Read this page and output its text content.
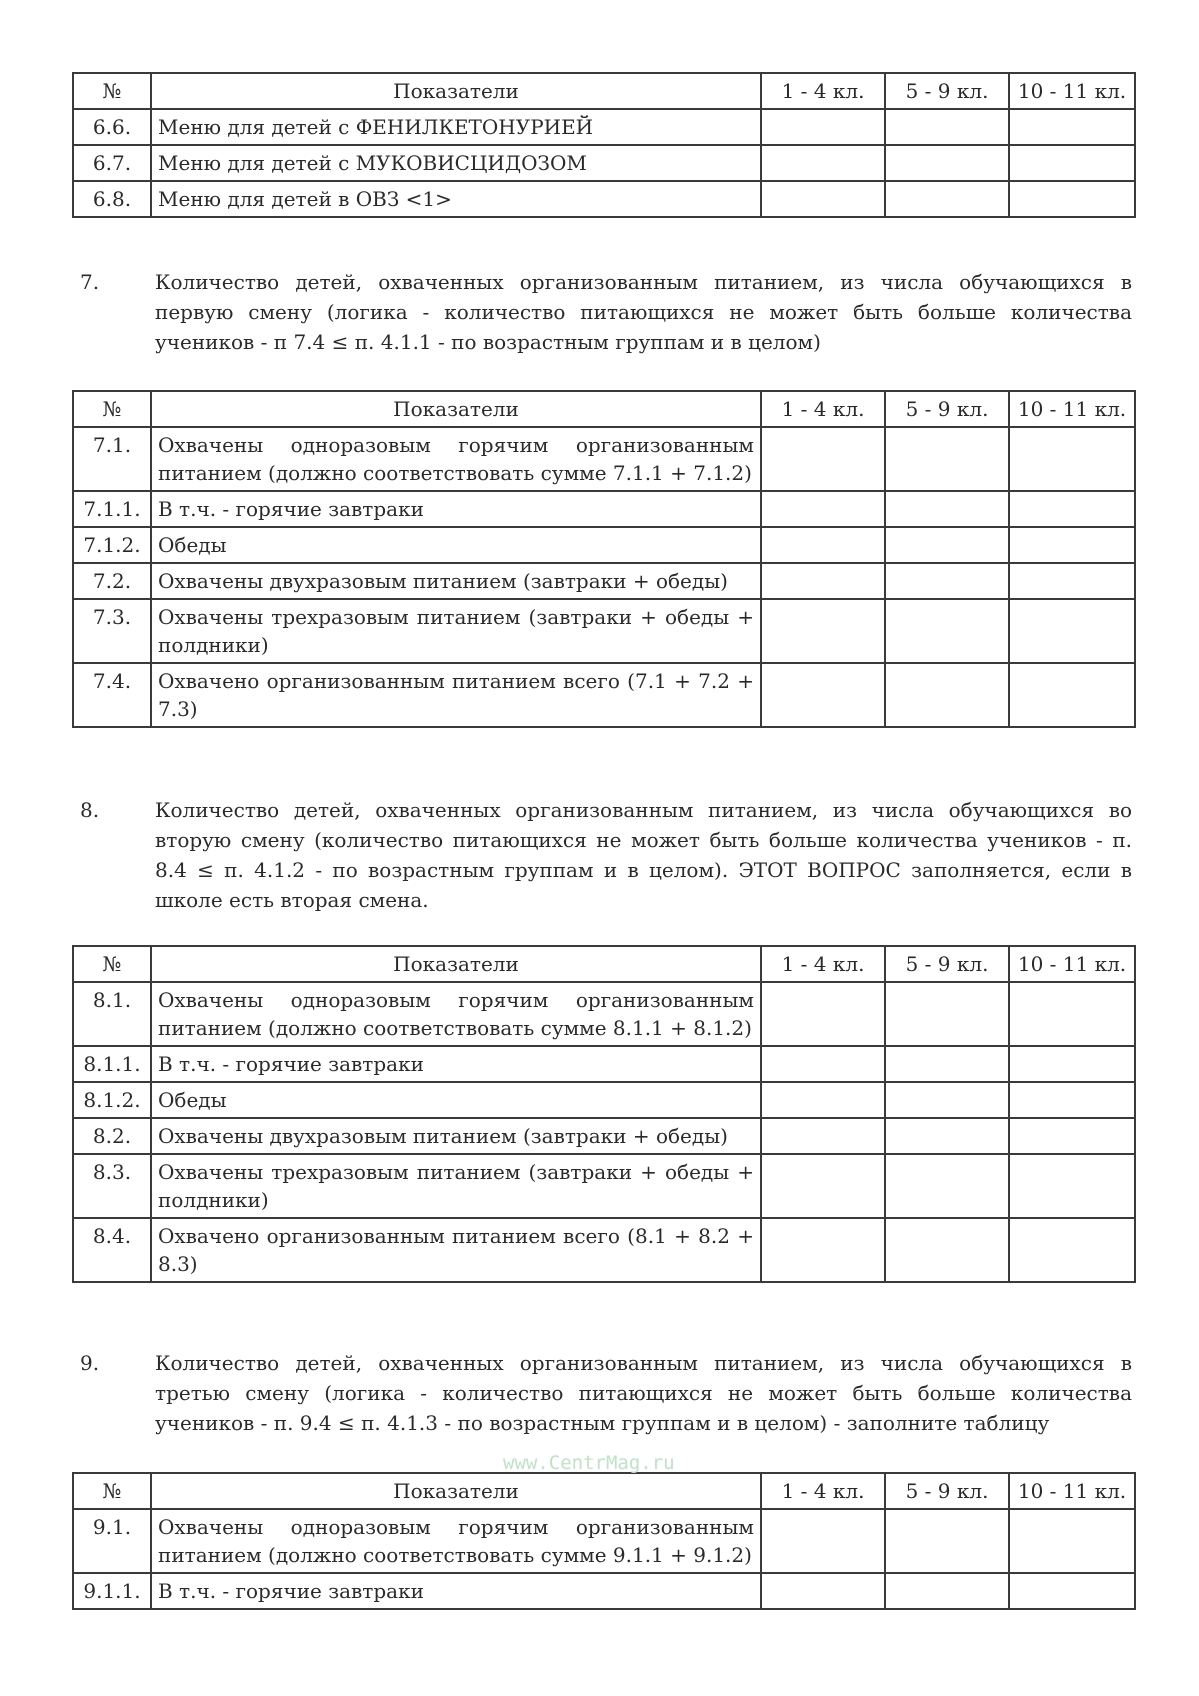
№	Показатели	1 - 4 кл.	5 - 9 кл.	10 - 11 кл.
6.6.	Меню для детей с ФЕНИЛКЕТОНУРИЕЙ			
6.7.	Меню для детей с МУКОВИСЦИДОЗОМ			
6.8.	Меню для детей в ОВЗ <1>			
7.	Количество детей, охваченных организованным питанием, из числа обучающихся в первую смену (логика - количество питающихся не может быть больше количества учеников - п 7.4 ≤ п. 4.1.1 - по возрастным группам и в целом)
№	Показатели	1 - 4 кл.	5 - 9 кл.	10 - 11 кл.
7.1.	Охвачены одноразовым горячим организованным питанием (должно соответствовать сумме 7.1.1 + 7.1.2)			
7.1.1.	В т.ч. - горячие завтраки			
7.1.2.	Обеды			
7.2.	Охвачены двухразовым питанием (завтраки + обеды)			
7.3.	Охвачены трехразовым питанием (завтраки + обеды + полдники)			
7.4.	Охвачено организованным питанием всего (7.1 + 7.2 + 7.3)			
8.	Количество детей, охваченных организованным питанием, из числа обучающихся во вторую смену (количество питающихся не может быть больше количества учеников - п. 8.4 ≤ п. 4.1.2 - по возрастным группам и в целом). ЭТОТ ВОПРОС заполняется, если в школе есть вторая смена.
№	Показатели	1 - 4 кл.	5 - 9 кл.	10 - 11 кл.
8.1.	Охвачены одноразовым горячим организованным питанием (должно соответствовать сумме 8.1.1 + 8.1.2)			
8.1.1.	В т.ч. - горячие завтраки			
8.1.2.	Обеды			
8.2.	Охвачены двухразовым питанием (завтраки + обеды)			
8.3.	Охвачены трехразовым питанием (завтраки + обеды + полдники)			
8.4.	Охвачено организованным питанием всего (8.1 + 8.2 + 8.3)			
9.	Количество детей, охваченных организованным питанием, из числа обучающихся в третью смену (логика - количество питающихся не может быть больше количества учеников - п. 9.4 ≤ п. 4.1.3 - по возрастным группам и в целом) - заполните таблицу
№	Показатели	1 - 4 кл.	5 - 9 кл.	10 - 11 кл.
9.1.	Охвачены одноразовым горячим организованным питанием (должно соответствовать сумме 9.1.1 + 9.1.2)			
9.1.1.	В т.ч. - горячие завтраки			
www.CentrMag.ru
